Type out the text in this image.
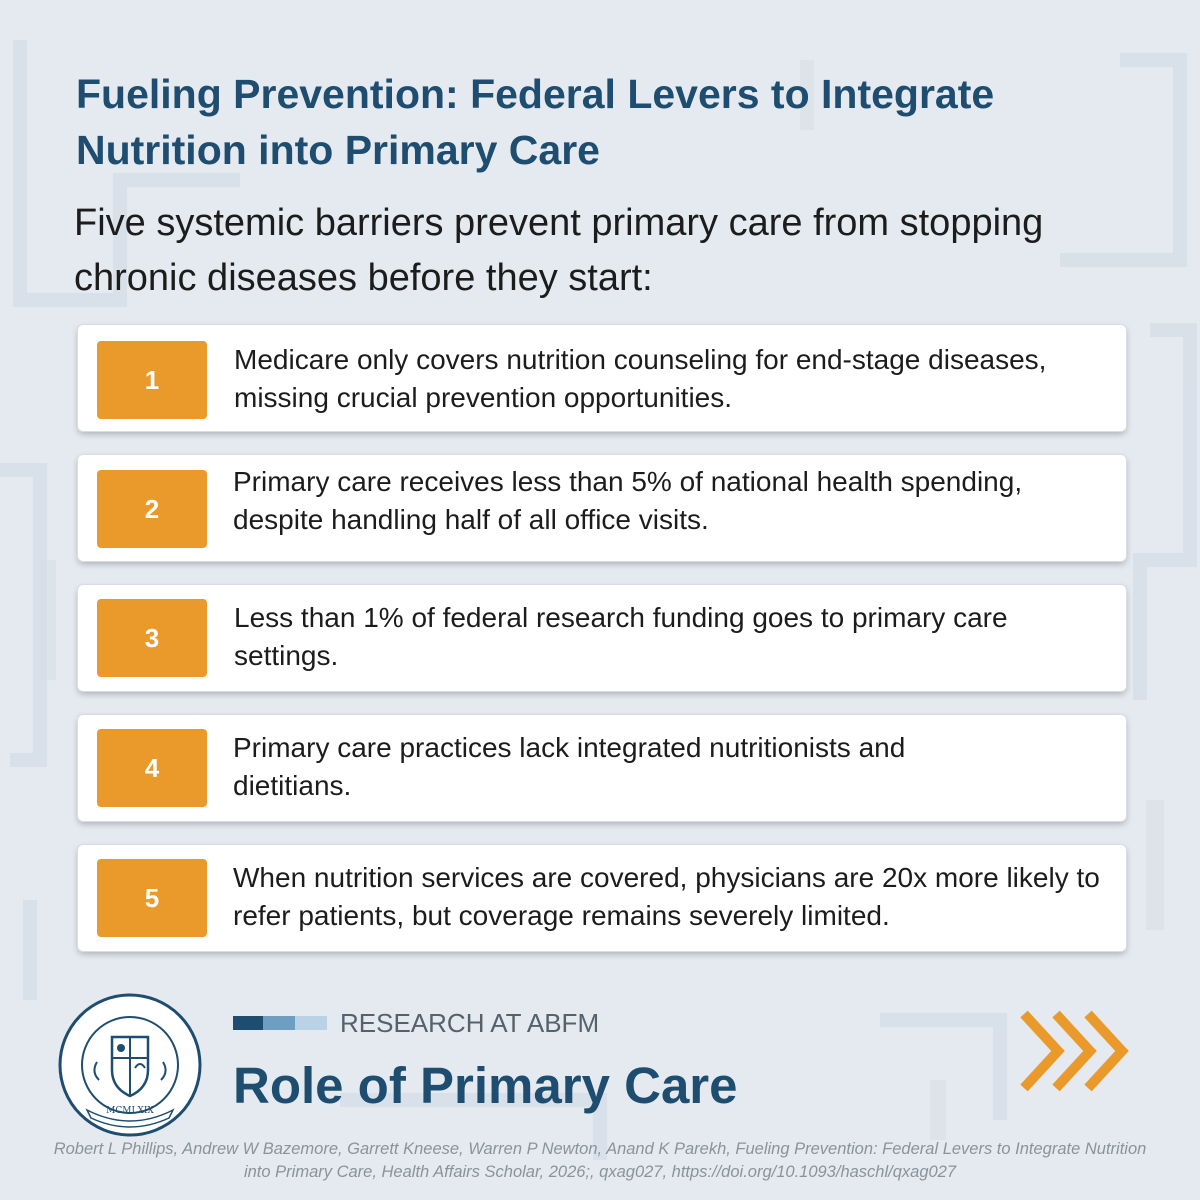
Fueling Prevention: Federal Levers to Integrate Nutrition into Primary Care

Five systemic barriers prevent primary care from stopping chronic diseases before they start:

1
Medicare only covers nutrition counseling for end-stage diseases, missing crucial prevention opportunities.
2
Primary care receives less than 5% of national health spending, despite handling half of all office visits.
3
Less than 1% of federal research funding goes to primary care settings.
4
Primary care practices lack integrated nutritionists and dietitians.
5
When nutrition services are covered, physicians are 20x more likely to refer patients, but coverage remains severely limited.
MCMLXIX
RESEARCH AT ABFM
Role of Primary Care

Robert L Phillips, Andrew W Bazemore, Garrett Kneese, Warren P Newton, Anand K Parekh, Fueling Prevention: Federal Levers to Integrate Nutrition into Primary Care, Health Affairs Scholar, 2026;, qxag027, https://doi.org/10.1093/haschl/qxag027
